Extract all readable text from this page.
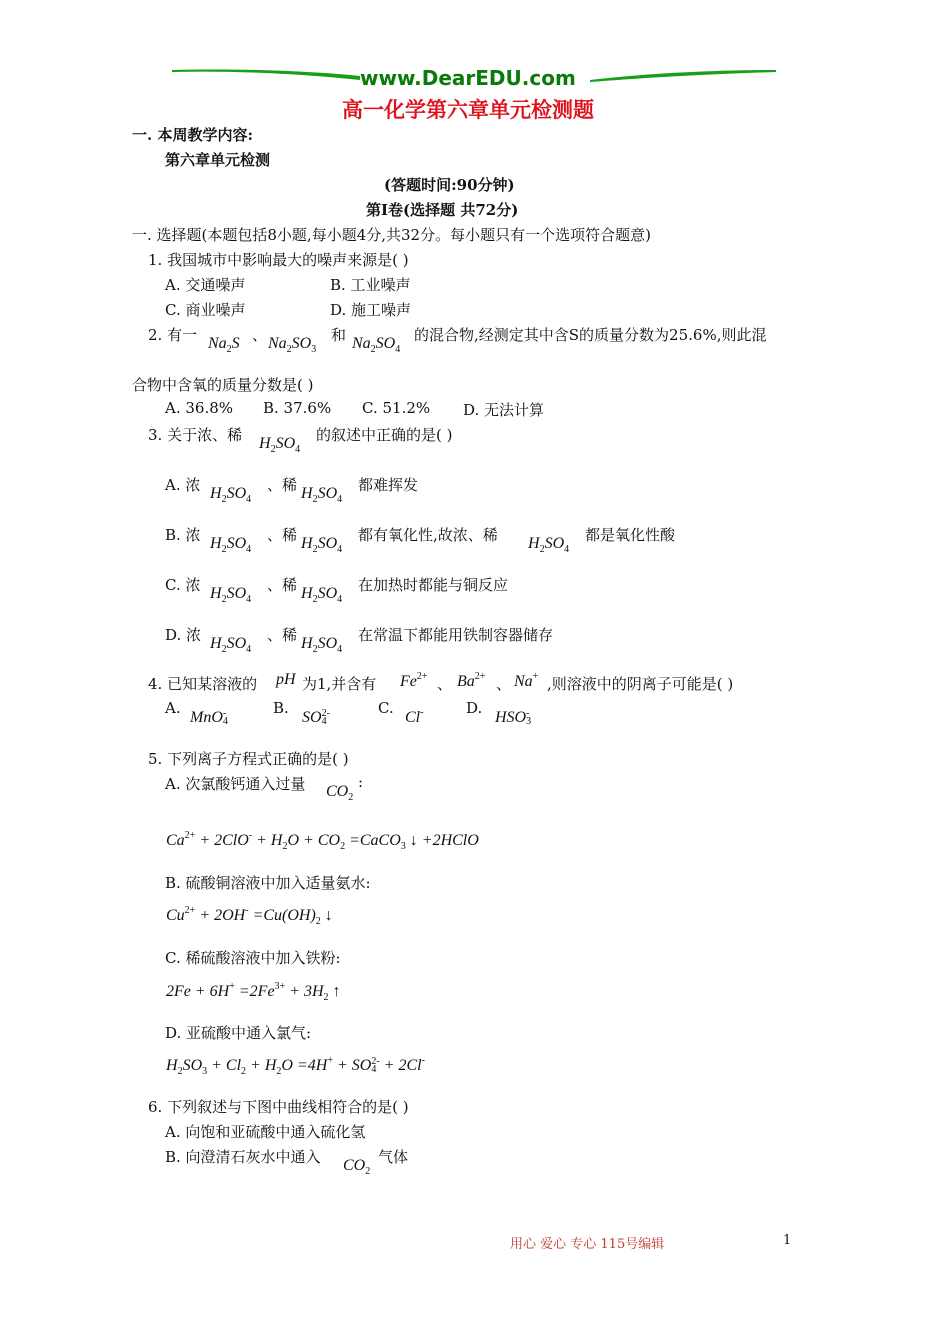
www.DearEDU.com
高一化学第六章单元检测题
一. 本周教学内容:
第六章单元检测
(答题时间:90分钟)
第Ⅰ卷(选择题 共72分)
一. 选择题(本题包括8小题,每小题4分,共32分。每小题只有一个选项符合题意)
1. 我国城市中影响最大的噪声来源是( )
A. 交通噪声	B. 工业噪声
C. 商业噪声	D. 施工噪声
2. 有一 $Na_2S$ 、 $Na_2SO_3$
和 $Na_2SO_4$
的混合物,经测定其中含S的质量分数为25.6%,则此混
合物中含氧的质量分数是( )
A. 36.8% B. 37.6% C. 51.2% D. 无法计算
3. 关于浓、稀 $H_2SO_4$
的叙述中正确的是( )
A. 浓 $H_2SO_4$
、稀 $H_2SO_4$
都难挥发
B. 浓 $H_2SO_4$
、稀 $H_2SO_4$
都有氧化性,故浓、稀 $H_2SO_4$
都是氧化性酸
C. 浓 $H_2SO_4$
、稀 $H_2SO_4$
在加热时都能与铜反应
D. 浓 $H_2SO_4$
、稀 $H_2SO_4$
在常温下都能用铁制容器储存
4. 已知某溶液的 pH 为1,并含有 $Fe^{2+}$ 、 $Ba^{2+}$ 、 Na+ ,则溶液中的阴离子可能是( )
A.
MnO-
4
B.
SO2-
4
C.
Cl-	D.
HSO-
3
5. 下列离子方程式正确的是( )
A. 次氯酸钙通入过量 $CO_2$
:
$Ca^{2+} + 2ClO^- + H_2O + CO_2$ =CaCO$_3$ ↓ +2HClO
B. 硫酸铜溶液中加入适量氨水:
$Cu^{2+} + 2OH^- =Cu(OH)_2$ ↓
C. 稀硫酸溶液中加入铁粉:
$2Fe + 6H^+ =2Fe^{3+} + 3H_2$ ↑
D. 亚硫酸中通入氯气:
$H_2SO_3 + Cl_2 + H_2O =4H^+ + SO2-$
4 + 2Cl-
6. 下列叙述与下图中曲线相符合的是( )
A. 向饱和亚硫酸中通入硫化氢
B. 向澄清石灰水中通入 $CO_2$
气体
用心 爱心 专心 115号编辑	1
